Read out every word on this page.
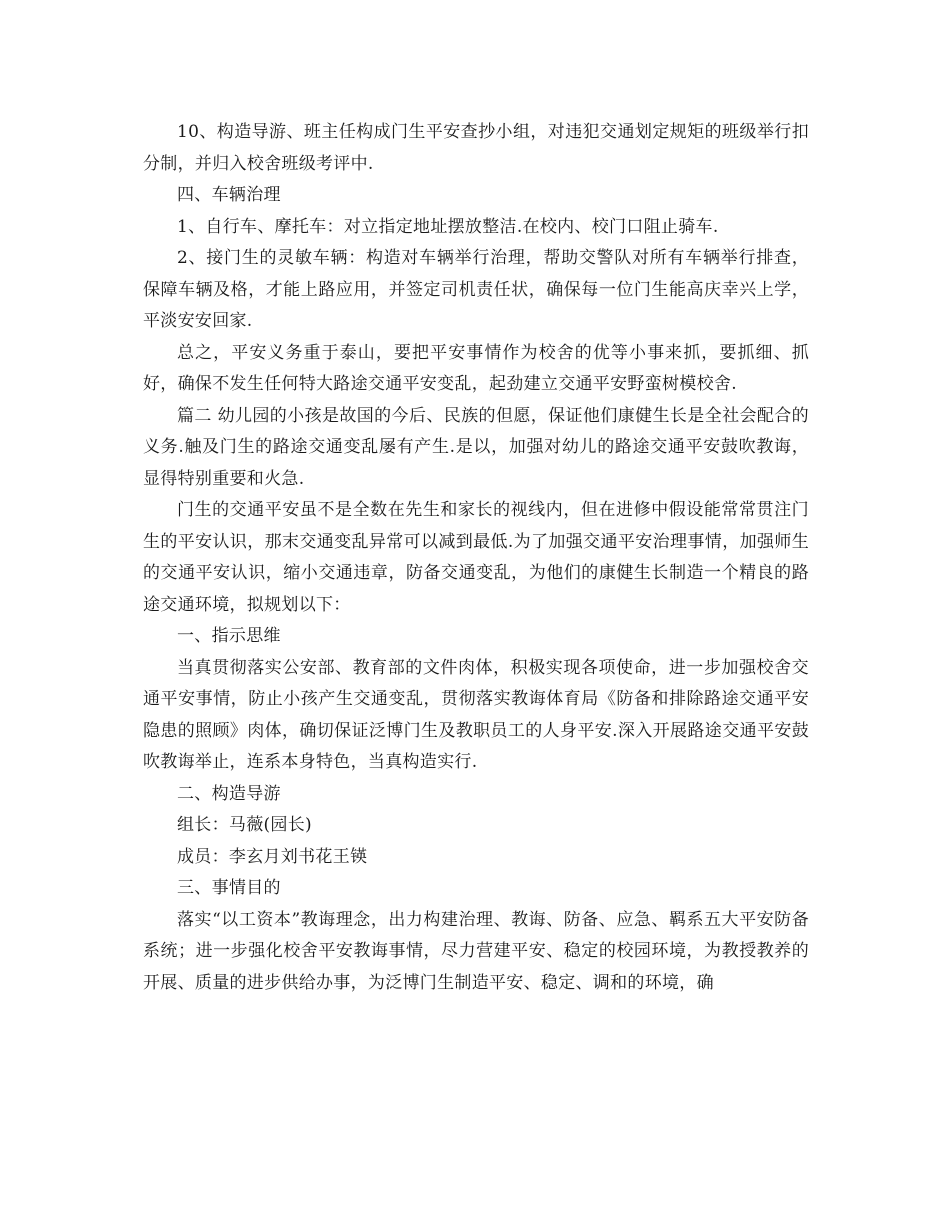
10、构造导游、班主任构成门生平安查抄小组，对违犯交通划定规矩的班级举行扣分制，并归入校舍班级考评中.

四、车辆治理

1、自行车、摩托车：对立指定地址摆放整洁.在校内、校门口阻止骑车.

2、接门生的灵敏车辆：构造对车辆举行治理，帮助交警队对所有车辆举行排查，保障车辆及格，才能上路应用，并签定司机责任状，确保每一位门生能高庆幸兴上学，平淡安安回家.

总之，平安义务重于泰山，要把平安事情作为校舍的优等小事来抓，要抓细、抓好，确保不发生任何特大路途交通平安变乱，起劲建立交通平安野蛮树模校舍.

篇二 幼儿园的小孩是故国的今后、民族的但愿，保证他们康健生长是全社会配合的义务.触及门生的路途交通变乱屡有产生.是以，加强对幼儿的路途交通平安鼓吹教诲，显得特别重要和火急.

门生的交通平安虽不是全数在先生和家长的视线内，但在进修中假设能常常贯注门生的平安认识，那末交通变乱异常可以减到最低.为了加强交通平安治理事情，加强师生的交通平安认识，缩小交通违章，防备交通变乱，为他们的康健生长制造一个精良的路途交通环境，拟规划以下：

一、指示思维

当真贯彻落实公安部、教育部的文件肉体，积极实现各项使命，进一步加强校舍交通平安事情，防止小孩产生交通变乱，贯彻落实教诲体育局《防备和排除路途交通平安隐患的照顾》肉体，确切保证泛博门生及教职员工的人身平安.深入开展路途交通平安鼓吹教诲举止，连系本身特色，当真构造实行.

二、构造导游

组长：马薇(园长)

成员：李玄月刘书花王锳

三、事情目的

落实“以工资本”教诲理念，出力构建治理、教诲、防备、应急、羁系五大平安防备系统；进一步强化校舍平安教诲事情，尽力营建平安、稳定的校园环境，为教授教养的开展、质量的进步供给办事，为泛博门生制造平安、稳定、调和的环境，确
